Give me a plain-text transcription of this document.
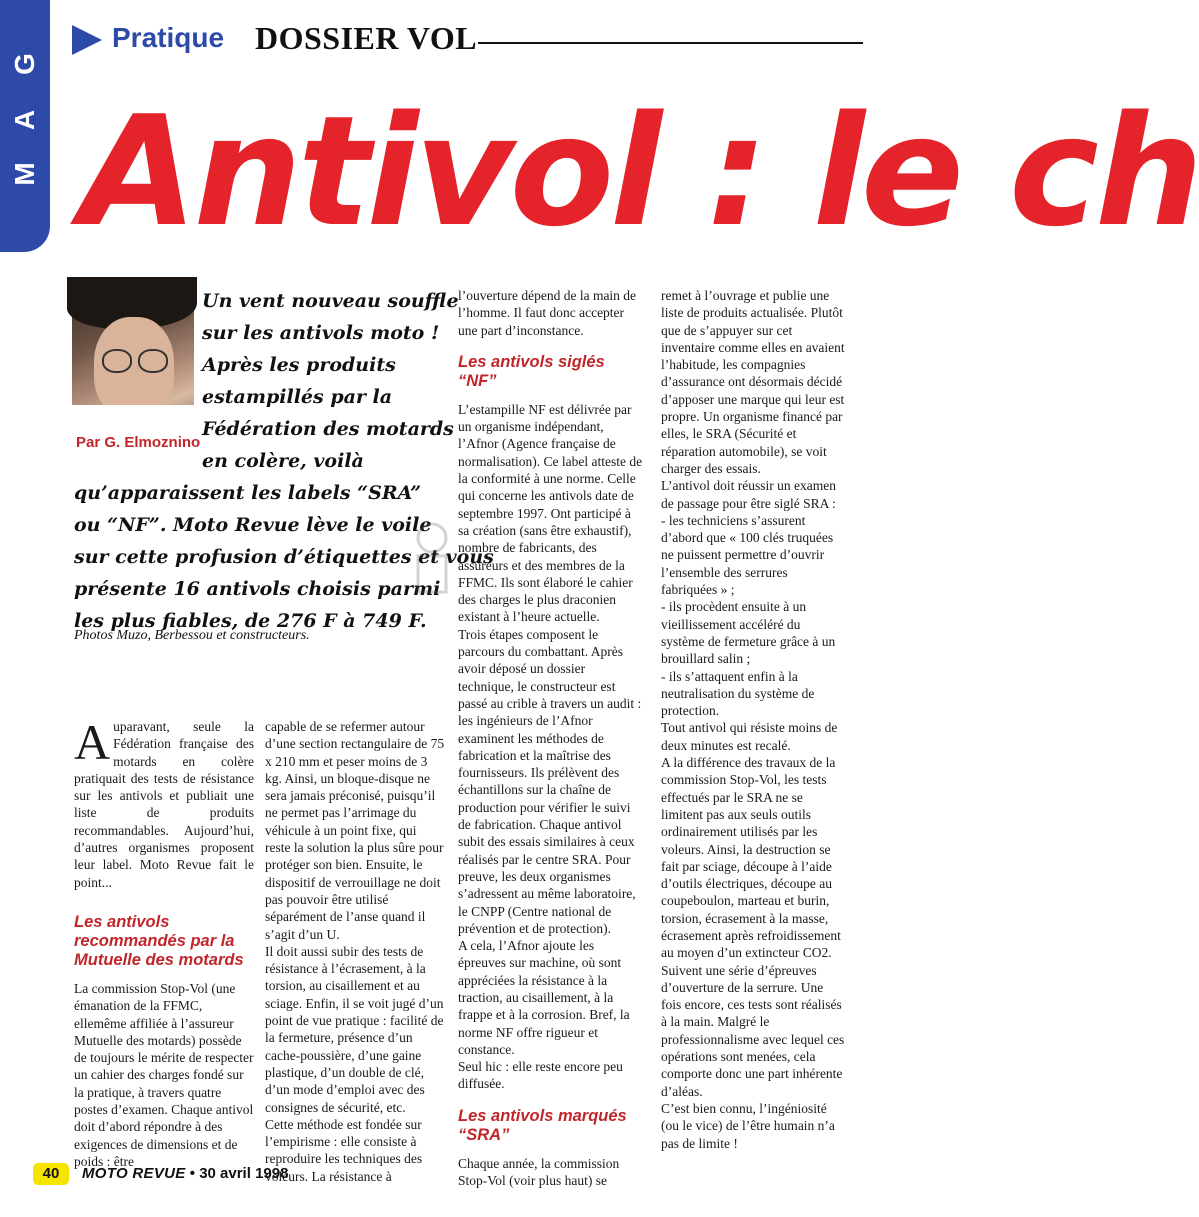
G
A
M
Pratique DOSSIER VOL
Antivol : le ch
Par G. Elmoznino
Un vent nouveau souffle
sur les antivols moto !
Après les produits
estampillés par la
Fédération des motards
en colère, voilà
qu’apparaissent les labels “SRA”
ou “NF”. Moto Revue lève le voile
sur cette profusion d’étiquettes et vous
présente 16 antivols choisis parmi
les plus fiables, de 276 F à 749 F.
Photos Muzo, Berbessou et constructeurs.

Auparavant, seule la Fédération française des motards en colère pratiquait des tests de résistance sur les antivols et publiait une liste de produits recommandables. Aujourd’hui, d’autres organismes proposent leur label. Moto Revue fait le point...

Les antivols recommandés par la Mutuelle des motards

La commission Stop-Vol (une émanation de la FFMC, ellemême affiliée à l’assureur Mutuelle des motards) possède de toujours le mérite de respecter un cahier des charges fondé sur la pratique, à travers quatre postes d’examen. Chaque antivol doit d’abord répondre à des exigences de dimensions et de poids : être

capable de se refermer autour d’une section rectangulaire de 75 x 210 mm et peser moins de 3 kg. Ainsi, un bloque-disque ne sera jamais préconisé, puisqu’il ne permet pas l’arrimage du véhicule à un point fixe, qui reste la solution la plus sûre pour protéger son bien. Ensuite, le dispositif de verrouillage ne doit pas pouvoir être utilisé séparément de l’anse quand il s’agit d’un U.

Il doit aussi subir des tests de résistance à l’écrasement, à la torsion, au cisaillement et au sciage. Enfin, il se voit jugé d’un point de vue pratique : facilité de la fermeture, présence d’un cache-poussière, d’une gaine plastique, d’un double de clé, d’un mode d’emploi avec des consignes de sécurité, etc.

Cette méthode est fondée sur l’empirisme : elle consiste à reproduire les techniques des voleurs. La résistance à

l’ouverture dépend de la main de l’homme. Il faut donc accepter une part d’inconstance.

Les antivols siglés “NF”

L’estampille NF est délivrée par un organisme indépendant, l’Afnor (Agence française de normalisation). Ce label atteste de la conformité à une norme. Celle qui concerne les antivols date de septembre 1997. Ont participé à sa création (sans être exhaustif), nombre de fabricants, des assureurs et des membres de la FFMC. Ils sont élaboré le cahier des charges le plus draconien existant à l’heure actuelle.

Trois étapes composent le parcours du combattant. Après avoir déposé un dossier technique, le constructeur est passé au crible à travers un audit : les ingénieurs de l’Afnor examinent les méthodes de fabrication et la maîtrise des fournisseurs. Ils prélèvent des échantillons sur la chaîne de production pour vérifier le suivi de fabrication. Chaque antivol subit des essais similaires à ceux réalisés par le centre SRA. Pour preuve, les deux organismes s’adressent au même laboratoire, le CNPP (Centre national de prévention et de protection).

A cela, l’Afnor ajoute les épreuves sur machine, où sont appréciées la résistance à la traction, au cisaillement, à la frappe et à la corrosion. Bref, la norme NF offre rigueur et constance.

Seul hic : elle reste encore peu diffusée.

Les antivols marqués “SRA”

Chaque année, la commission Stop-Vol (voir plus haut) se

remet à l’ouvrage et publie une liste de produits actualisée. Plutôt que de s’appuyer sur cet inventaire comme elles en avaient l’habitude, les compagnies d’assurance ont désormais décidé d’apposer une marque qui leur est propre. Un organisme financé par elles, le SRA (Sécurité et réparation automobile), se voit charger des essais.

L’antivol doit réussir un examen de passage pour être siglé SRA :

- les techniciens s’assurent d’abord que « 100 clés truquées ne puissent permettre d’ouvrir l’ensemble des serrures fabriquées » ;

- ils procèdent ensuite à un vieillissement accéléré du système de fermeture grâce à un brouillard salin ;

- ils s’attaquent enfin à la neutralisation du système de protection.

Tout antivol qui résiste moins de deux minutes est recalé.

A la différence des travaux de la commission Stop-Vol, les tests effectués par le SRA ne se limitent pas aux seuls outils ordinairement utilisés par les voleurs. Ainsi, la destruction se fait par sciage, découpe à l’aide d’outils électriques, découpe au coupeboulon, marteau et burin, torsion, écrasement à la masse, écrasement après refroidissement au moyen d’un extincteur CO2.

Suivent une série d’épreuves d’ouverture de la serrure. Une fois encore, ces tests sont réalisés à la main. Malgré le professionnalisme avec lequel ces opérations sont menées, cela comporte donc une part inhérente d’aléas.

C’est bien connu, l’ingéniosité (ou le vice) de l’être humain n’a pas de limite !

40	MOTO REVUE • 30 avril 1998
